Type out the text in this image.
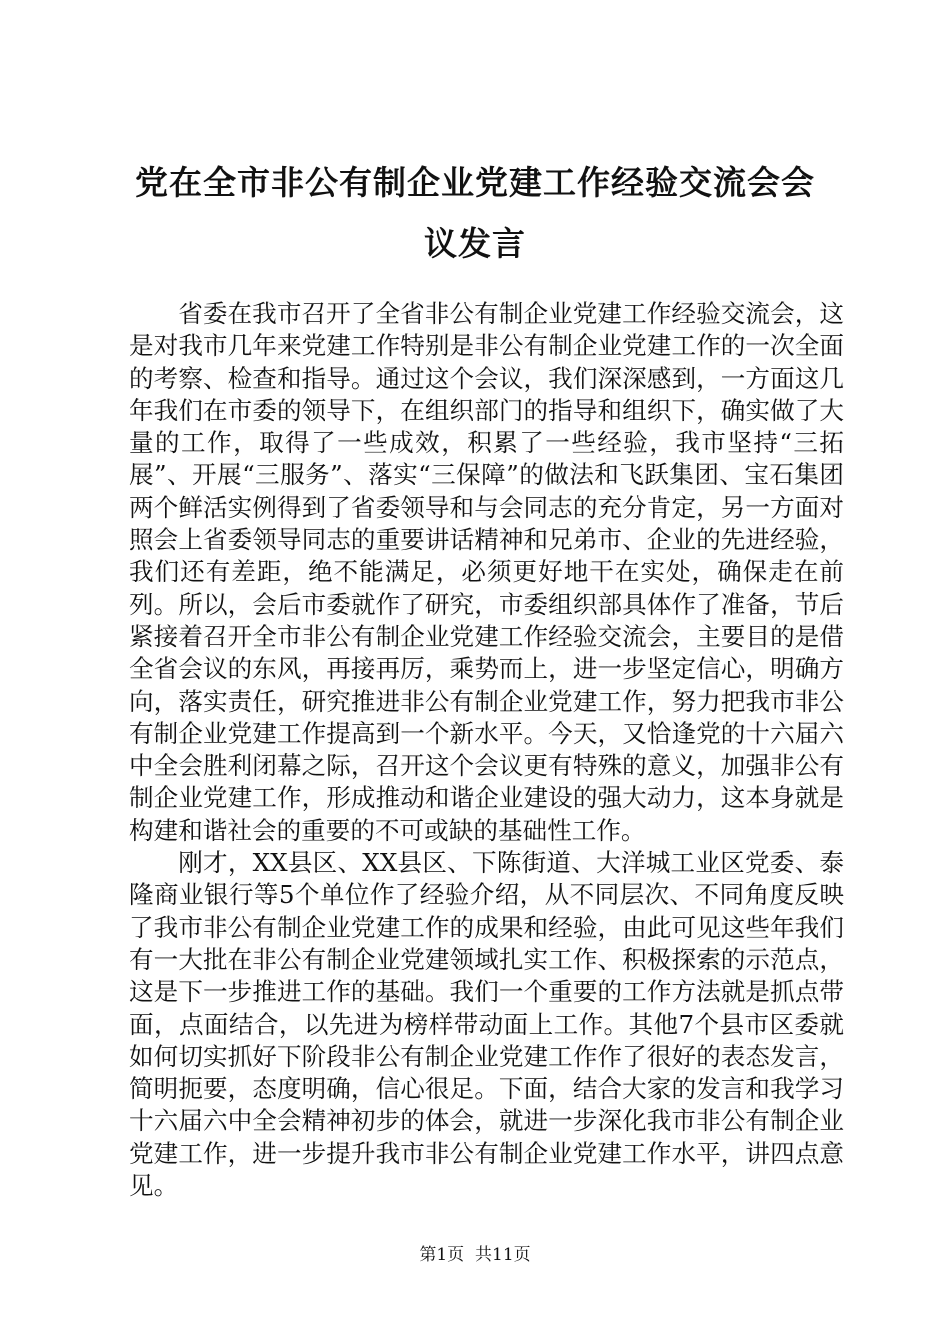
党在全市非公有制企业党建工作经验交流会会
议发言

省委在我市召开了全省非公有制企业党建工作经验交流会，这是对我市几年来党建工作特别是非公有制企业党建工作的一次全面的考察、检查和指导。通过这个会议，我们深深感到，一方面这几年我们在市委的领导下，在组织部门的指导和组织下，确实做了大量的工作，取得了一些成效，积累了一些经验，我市坚持“三拓展”、开展“三服务”、落实“三保障”的做法和飞跃集团、宝石集团两个鲜活实例得到了省委领导和与会同志的充分肯定，另一方面对照会上省委领导同志的重要讲话精神和兄弟市、企业的先进经验，我们还有差距，绝不能满足，必须更好地干在实处，确保走在前列。所以，会后市委就作了研究，市委组织部具体作了准备，节后紧接着召开全市非公有制企业党建工作经验交流会，主要目的是借全省会议的东风，再接再厉，乘势而上，进一步坚定信心，明确方向，落实责任，研究推进非公有制企业党建工作，努力把我市非公有制企业党建工作提高到一个新水平。今天，又恰逢党的十六届六中全会胜利闭幕之际，召开这个会议更有特殊的意义，加强非公有制企业党建工作，形成推动和谐企业建设的强大动力，这本身就是构建和谐社会的重要的不可或缺的基础性工作。

刚才，XX县区、XX县区、下陈街道、大洋城工业区党委、泰隆商业银行等5个单位作了经验介绍，从不同层次、不同角度反映了我市非公有制企业党建工作的成果和经验，由此可见这些年我们有一大批在非公有制企业党建领域扎实工作、积极探索的示范点，这是下一步推进工作的基础。我们一个重要的工作方法就是抓点带面，点面结合，以先进为榜样带动面上工作。其他7个县市区委就如何切实抓好下阶段非公有制企业党建工作作了很好的表态发言，简明扼要，态度明确，信心很足。下面，结合大家的发言和我学习十六届六中全会精神初步的体会，就进一步深化我市非公有制企业党建工作，进一步提升我市非公有制企业党建工作水平，讲四点意见。

第1页 共11页
